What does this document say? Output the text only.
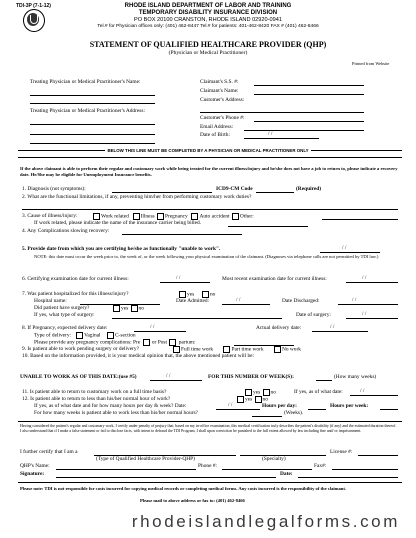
TDI-3P (7-1-12)	RHODE ISLAND DEPARTMENT OF LABOR AND TRAINING
TEMPORARY DISABILITY INSURANCE DIVISION
PO BOX 20100 CRANSTON, RHODE ISLAND 02920-0941
Tel.# for Physician offices only: (401) 462-8447 Tel.# for patients: 401-462-8420 FAX # (401) 462-8466
STATEMENT OF QUALIFIED HEALTHCARE PROVIDER (QHP)
(Physician or Medical Practitioner)
Printed from Website
Treating Physician or Medical Practitioner's Name:
Treating Physician or Medical Practitioner's Address:
Claimant's S.S. #:
Claimant's Name:
Customer's Address:
Customer's Phone #:
Email Address:
Date of Birth:	/ /
BELOW THIS LINE MUST BE COMPLETED BY A PHYSICIAN OR MEDICAL PRACTITIONER ONLY
If the above claimant is able to perform their regular and customary work while being treated for the current illness/injury and he/she does not have a job to return to, please indicate a recovery date. He/She may be eligible for Unemployment Insurance benefits.
1. Diagnosis (not symptoms):	ICD9-CM Code	(Required)
2. What are the functional limitations, if any, preventing him/her from performing customary work duties?
3. Cause of illness/injury:	Work related Illness Pregnancy Auto accident Other:
If work related, please indicate the name of the insurance carrier being billed.
4. Any Complications slowing recovery:
5. Provide date from which you are certifying he/she as functionally "unable to work".	/ /
NOTE: this date must occur the week prior to, the week of, or the week following your physical examination of the claimant. (Diagnoses via telephone calls are not permitted by TDI law.)
6. Certifying examination date for current illness:	/ /	Most recent examination date for current illness:	/ /
7. Was patient hospitalized for this illness/injury?	yes	no
Hospital name:	Date Admitted:	/ /	Date Discharged:	/ /
Did patient have surgery?	yes no
If yes, what type of surgery:	Date of surgery:	/ /
8. If Pregnancy, expected delivery date:	/ /	Actual delivery date:	/ /
Type of delivery: Vaginal	C-section
Please provide any pregnancy complications: Pre or Post partum:
9. Is patient able to work pending surgery or delivery?	Full time work	Part time work	No work
10. Based on the information provided, it is your medical opinion that, the above mentioned patient will be:
UNABLE TO WORK AS OF THIS DATE:(use #5)	/ /	FOR THIS NUMBER OF WEEK(S):	(How many weeks)
11. Is patient able to return to customary work on a full time basis?	yes no	If yes, as of what date:	/ /
12. Is patient able to return to less than his/her normal hour of work?	yes no
If yes, as of what date and for how many hours per day & week? Date:	/ /	Hours per day:	Hours per week:
For how many weeks is patient able to work less than his/her normal hours?	(Weeks).
Having considered the patient's regular and customary work, I certify under penalty of perjury that, based on my in-office examination, this medical certification truly describes the patient's disability (if any) and the estimated duration thereof. I also understand that if I make a false statement or fail to disclose facts, with intent to defraud the TDI Program, I shall upon conviction be punished to the full extent allowed by law including fine and/ or imprisonment.
I further certify that I am a	License #:
(Type of Qualified Healthcare Provider-QHP)	(Specialty)
QHP's Name:	Phone #:	Fax#:
Signature:	Date:
Please note: TDI is not responsible for costs incurred for copying medical records or completing medical forms. Any costs incurred is the responsibility of the claimant.
Please mail to above address or fax to: (401) 462-8466
rhodeislandlegalforms.com
